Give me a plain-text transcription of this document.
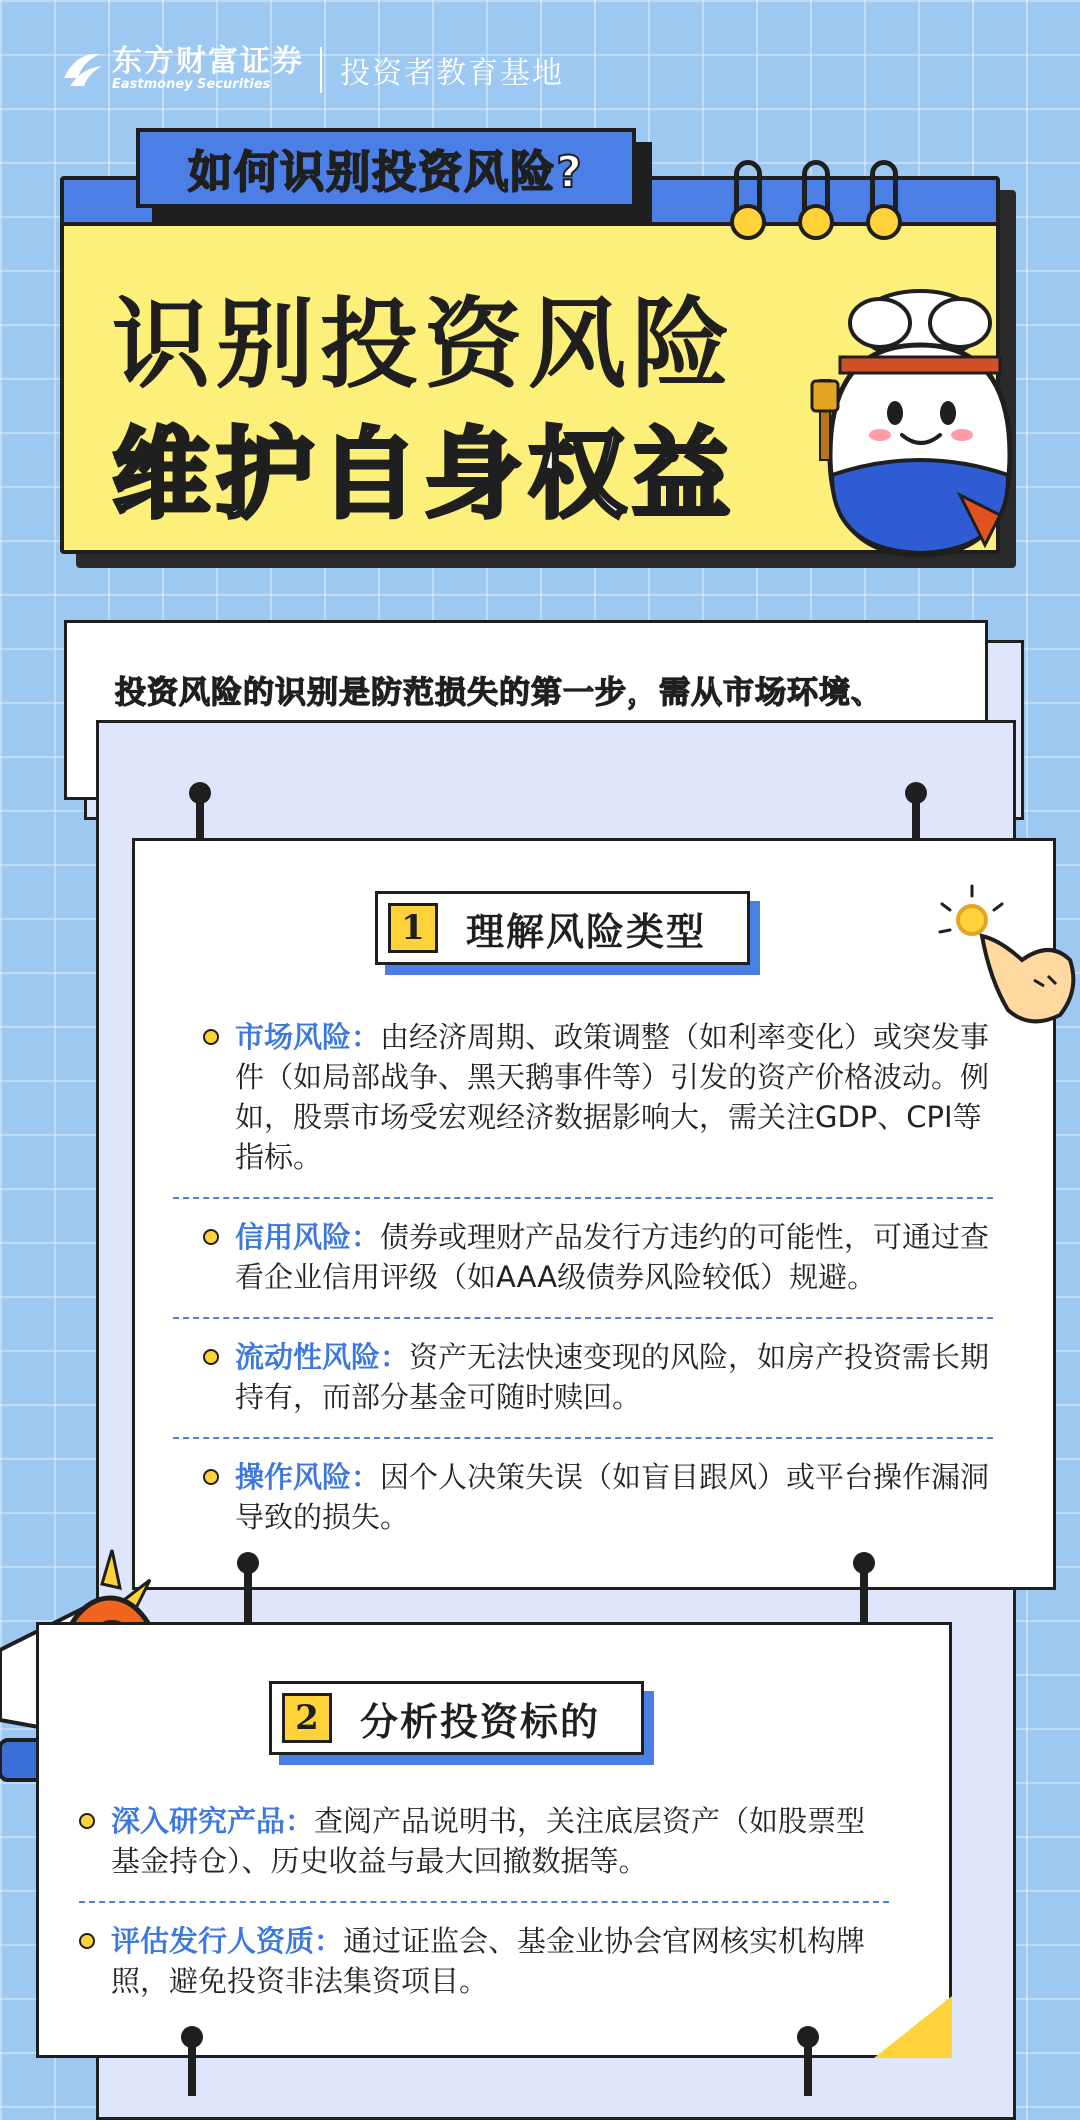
东方财富证券
Eastmoney Securities	投资者教育基地
如何识别投资风险?
识别投资风险
维护自身权益

投资风险的识别是防范损失的第一步，需从市场环境、

1	理解风险类型
市场风险：由经济周期、政策调整（如利率变化）或突发事件（如局部战争、黑天鹅事件等）引发的资产价格波动。例如，股票市场受宏观经济数据影响大，需关注GDP、CPI等指标。
信用风险：债券或理财产品发行方违约的可能性，可通过查看企业信用评级（如AAA级债券风险较低）规避。
流动性风险：资产无法快速变现的风险，如房产投资需长期持有，而部分基金可随时赎回。
操作风险：因个人决策失误（如盲目跟风）或平台操作漏洞导致的损失。
2	分析投资标的
深入研究产品：查阅产品说明书，关注底层资产（如股票型基金持仓）、历史收益与最大回撤数据等。
评估发行人资质：通过证监会、基金业协会官网核实机构牌照，避免投资非法集资项目。
